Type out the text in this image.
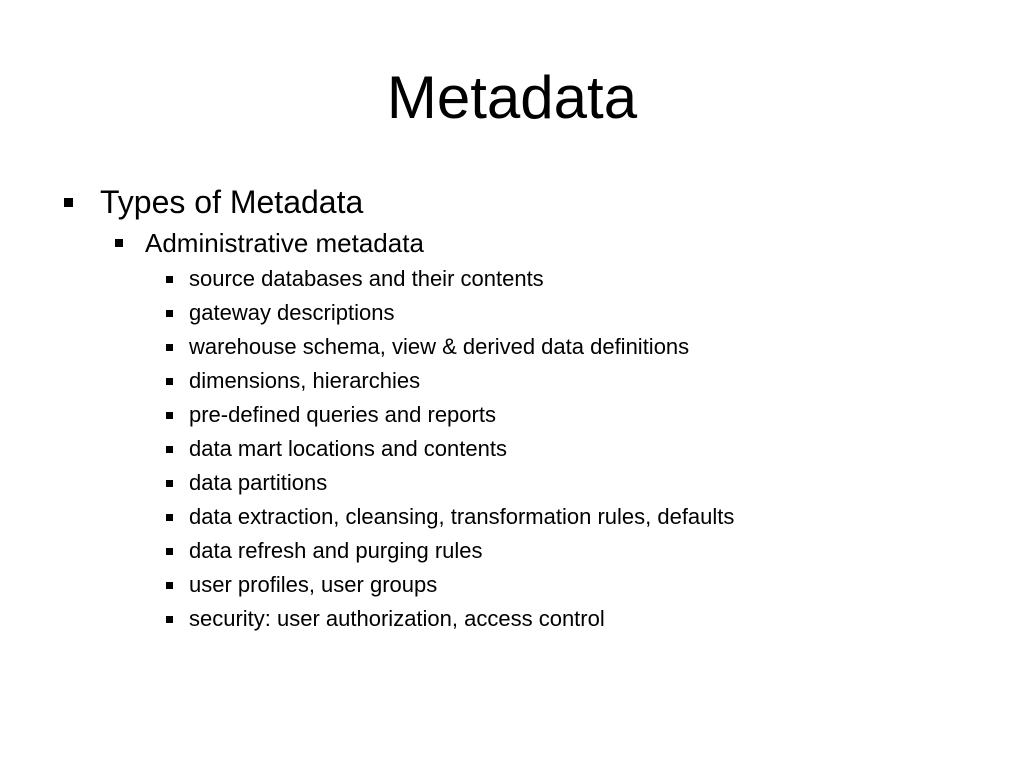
Metadata
Types of Metadata
Administrative metadata
source databases and their contents
gateway descriptions
warehouse schema, view & derived data definitions
dimensions, hierarchies
pre-defined queries and reports
data mart locations and contents
data partitions
data extraction, cleansing, transformation rules, defaults
data refresh and purging rules
user profiles, user groups
security: user authorization, access control
